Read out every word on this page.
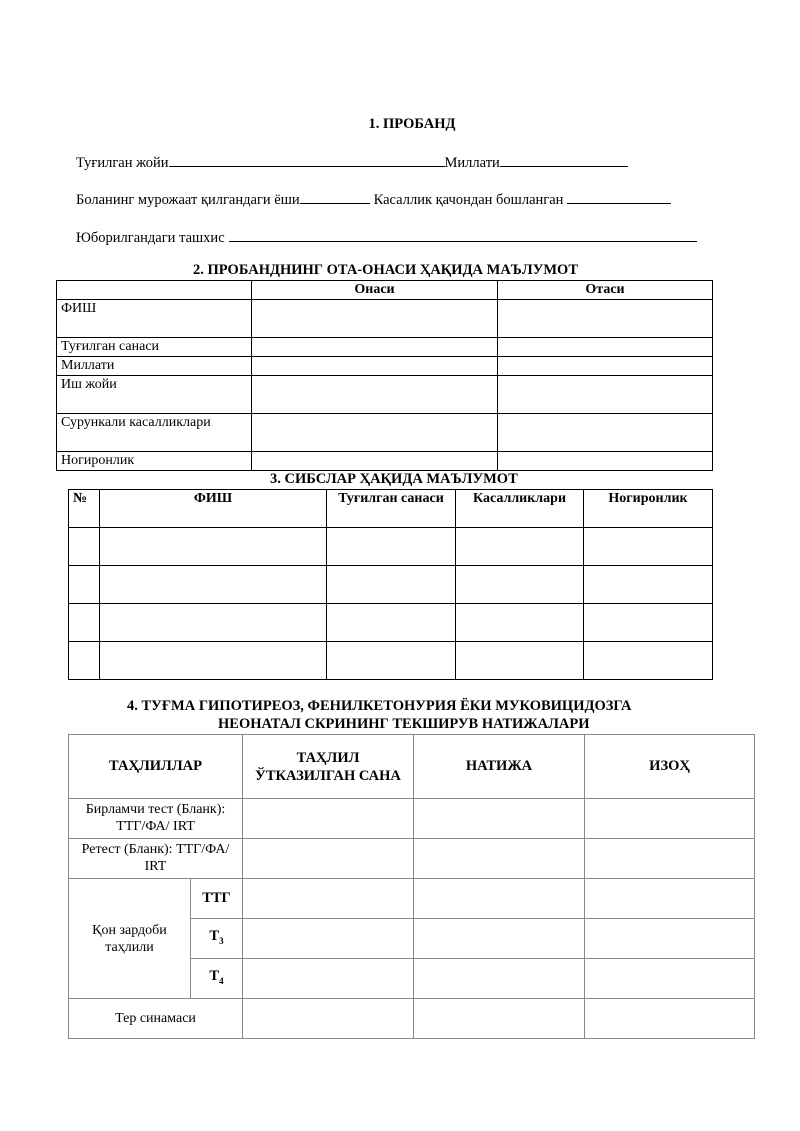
1. ПРОБАНД
Туғилган жойи	Миллати
Боланинг мурожаат қилгандаги ёши	Касаллик қачондан бошланган
Юборилгандаги ташхис
2. ПРОБАНДНИНГ ОТА-ОНАСИ ҲАҚИДА МАЪЛУМОТ
	Онаси	Отаси
ФИШ		
Туғилган санаси		
Миллати		
Иш жойи		
Сурункали касалликлари		
Ногиронлик		
3. СИБСЛАР ҲАҚИДА МАЪЛУМОТ
№	ФИШ	Туғилган санаси	Касалликлари	Ногиронлик

4. ТУҒМА ГИПОТИРЕОЗ, ФЕНИЛКЕТОНУРИЯ ЁКИ МУКОВИЦИДОЗГА
НЕОНАТАЛ СКРИНИНГ ТЕКШИРУВ НАТИЖАЛАРИ
ТАҲЛИЛЛАР		ТАҲЛИЛ ЎТКАЗИЛГАН САНА	НАТИЖА	ИЗОҲ
Бирламчи тест (Бланк): ТТГ/ФА/ IRT				
Ретест (Бланк): ТТГ/ФА/ IRT				
Қон зардоби таҳлили	ТТГ			
	$T_3$			
	$T_4$			
Тер синамаси				
